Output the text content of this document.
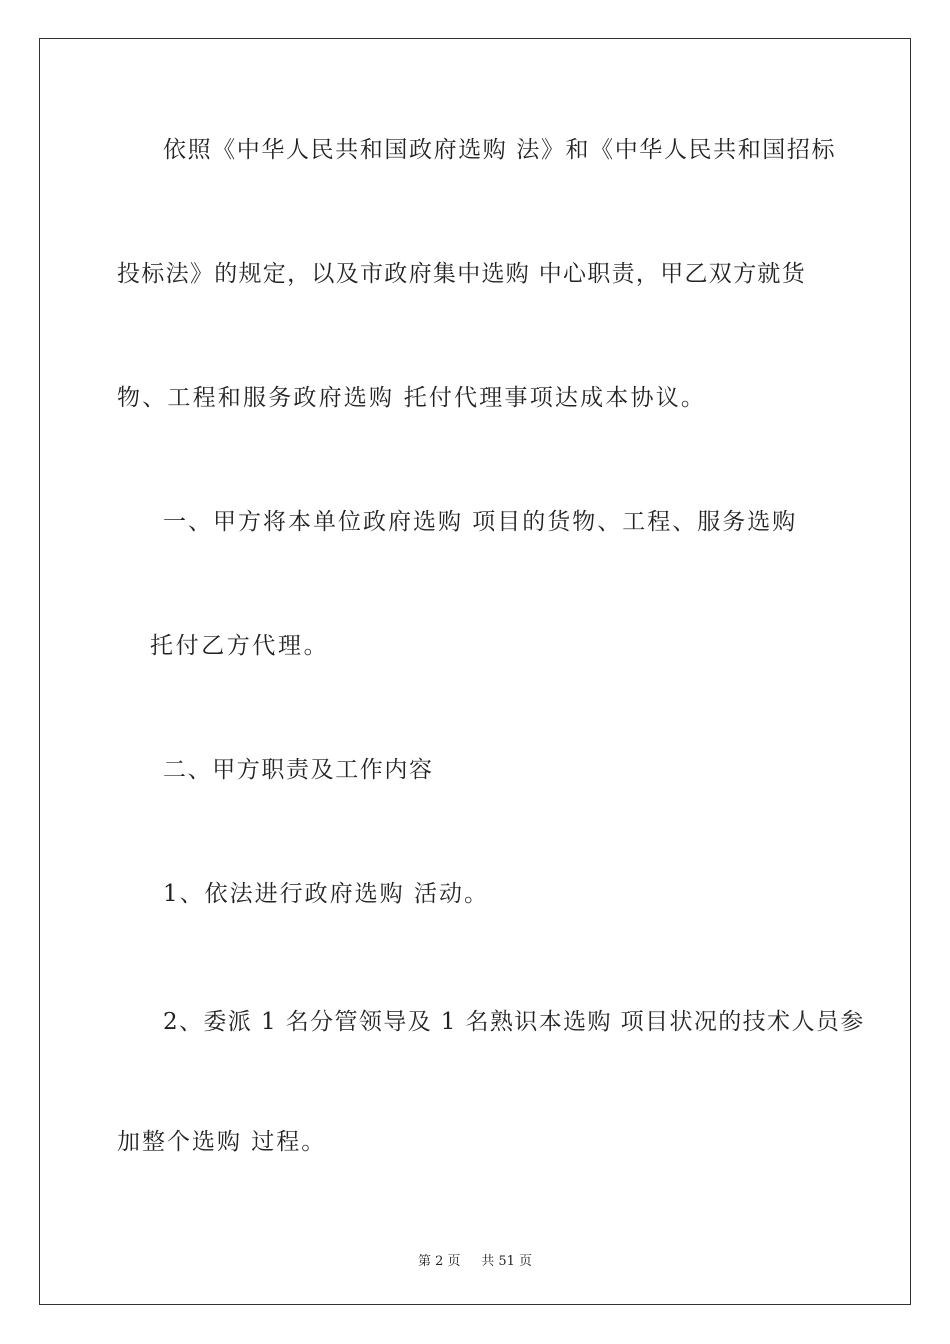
依照《中华人民共和国政府选购 法》和《中华人民共和国招标
投标法》的规定，以及市政府集中选购 中心职责，甲乙双方就货
物、工程和服务政府选购 托付代理事项达成本协议。
一、甲方将本单位政府选购 项目的货物、工程、服务选购
托付乙方代理。
二、甲方职责及工作内容
1、依法进行政府选购 活动。
2、委派 1 名分管领导及 1 名熟识本选购 项目状况的技术人员参
加整个选购 过程。
第 2 页 共 51 页
